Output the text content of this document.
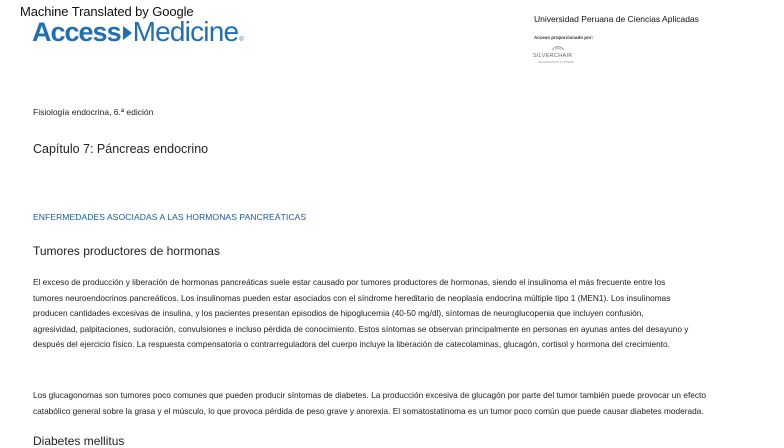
Machine Translated by Google
Access Medicine ®
Universidad Peruana de Ciencias Aplicadas
Acceso proporcionado por:
SILVERCHAIR
INFORMATION SYSTEMS
Fisiología endocrina, 6.ª edición
Capítulo 7: Páncreas endocrino
ENFERMEDADES ASOCIADAS A LAS HORMONAS PANCREÁTICAS
Tumores productores de hormonas
El exceso de producción y liberación de hormonas pancreáticas suele estar causado por tumores productores de hormonas, siendo el insulinoma el más frecuente entre los
tumores neuroendocrinos pancreáticos. Los insulinomas pueden estar asociados con el síndrome hereditario de neoplasia endocrina múltiple tipo 1 (MEN1). Los insulinomas
producen cantidades excesivas de insulina, y los pacientes presentan episodios de hipoglucemia (40-50 mg/dl), síntomas de neuroglucopenia que incluyen confusión,
agresividad, palpitaciones, sudoración, convulsiones e incluso pérdida de conocimiento. Estos síntomas se observan principalmente en personas en ayunas antes del desayuno y
después del ejercicio físico. La respuesta compensatoria o contrarreguladora del cuerpo incluye la liberación de catecolaminas, glucagón, cortisol y hormona del crecimiento.
Los glucagonomas son tumores poco comunes que pueden producir síntomas de diabetes. La producción excesiva de glucagón por parte del tumor también puede provocar un efecto
catabólico general sobre la grasa y el músculo, lo que provoca pérdida de peso grave y anorexia. El somatostatinoma es un tumor poco común que puede causar diabetes moderada.
Diabetes mellitus
